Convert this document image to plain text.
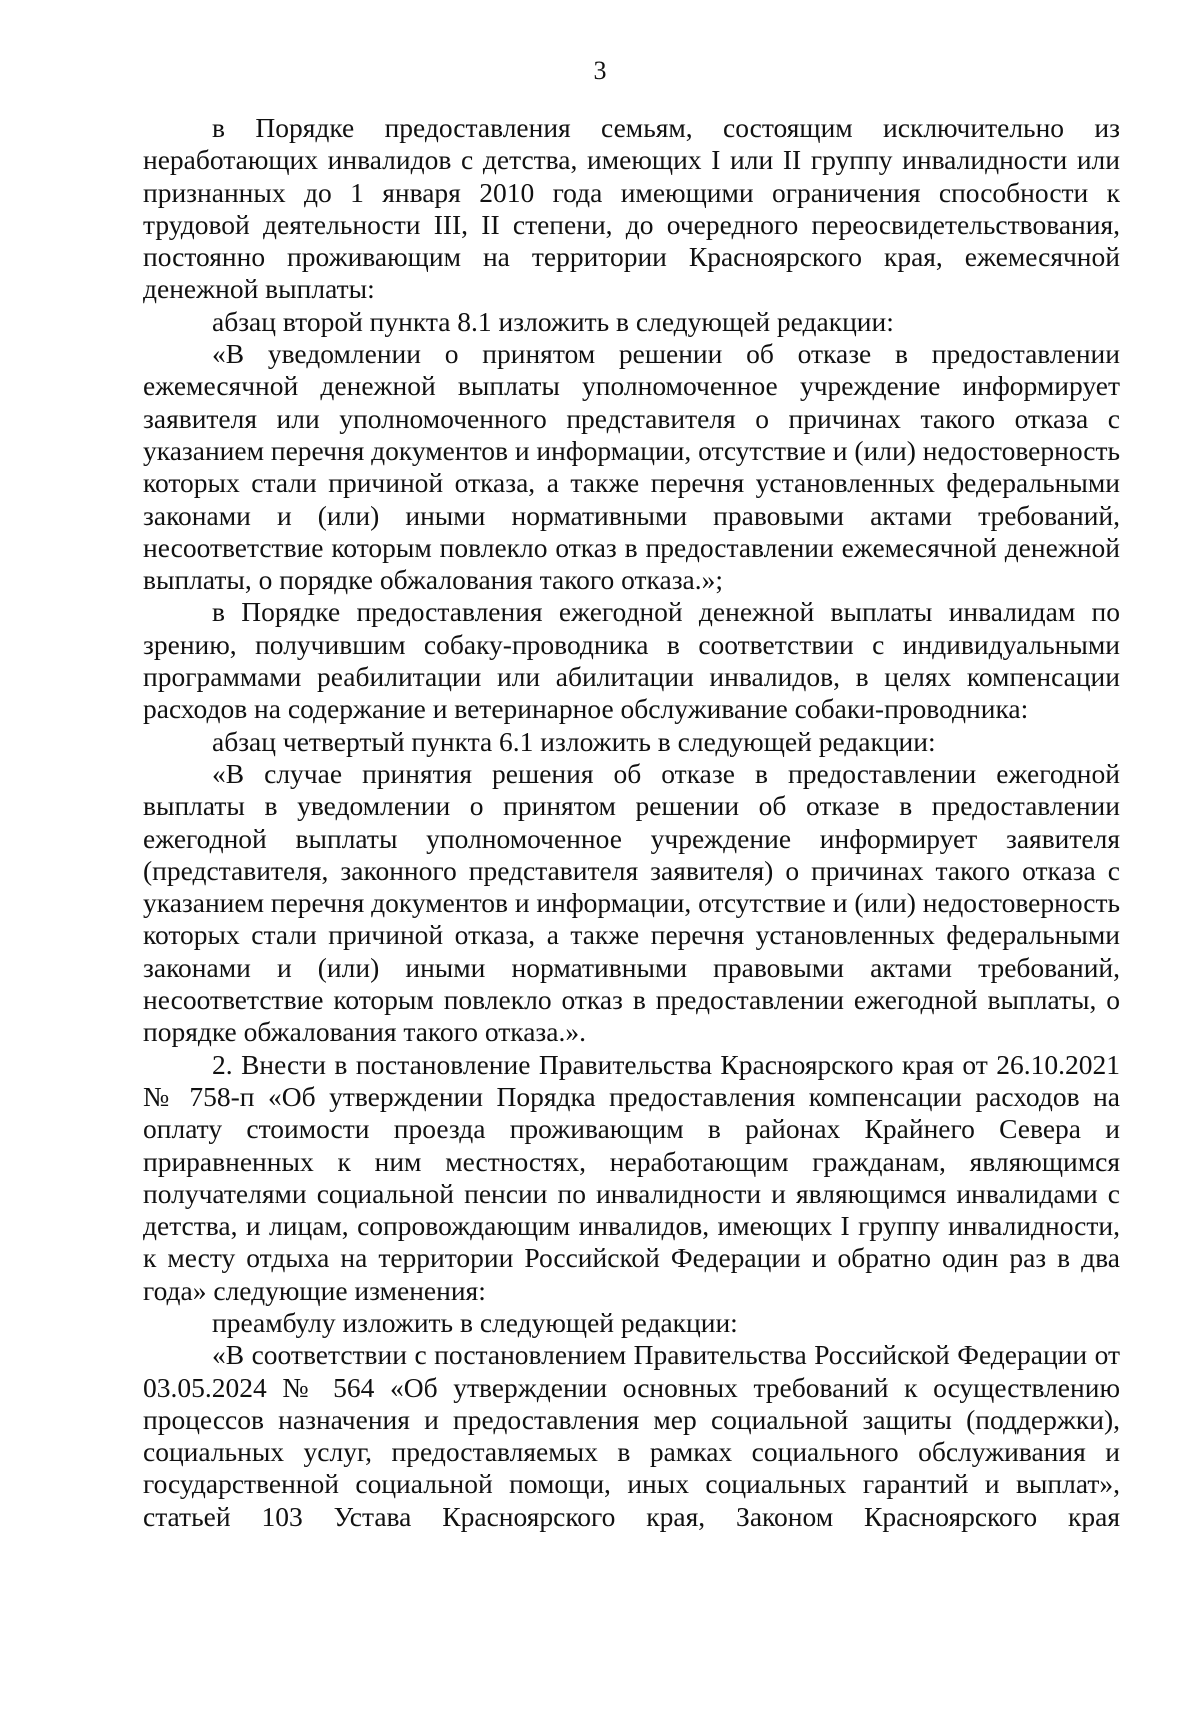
3

в Порядке предоставления семьям, состоящим исключительно из неработающих инвалидов с детства, имеющих I или II группу инвалидности или признанных до 1 января 2010 года имеющими ограничения способности к трудовой деятельности III, II степени, до очередного переосвидетельствования, постоянно проживающим на территории Красноярского края, ежемесячной денежной выплаты:

абзац второй пункта 8.1 изложить в следующей редакции:

«В уведомлении о принятом решении об отказе в предоставлении ежемесячной денежной выплаты уполномоченное учреждение информирует заявителя или уполномоченного представителя о причинах такого отказа с указанием перечня документов и информации, отсутствие и (или) недостоверность которых стали причиной отказа, а также перечня установленных федеральными законами и (или) иными нормативными правовыми актами требований, несоответствие которым повлекло отказ в предоставлении ежемесячной денежной выплаты, о порядке обжалования такого отказа.»;

в Порядке предоставления ежегодной денежной выплаты инвалидам по зрению, получившим собаку-проводника в соответствии с индивидуальными программами реабилитации или абилитации инвалидов, в целях компенсации расходов на содержание и ветеринарное обслуживание собаки-проводника:

абзац четвертый пункта 6.1 изложить в следующей редакции:

«В случае принятия решения об отказе в предоставлении ежегодной выплаты в уведомлении о принятом решении об отказе в предоставлении ежегодной выплаты уполномоченное учреждение информирует заявителя (представителя, законного представителя заявителя) о причинах такого отказа с указанием перечня документов и информации, отсутствие и (или) недостоверность которых стали причиной отказа, а также перечня установленных федеральными законами и (или) иными нормативными правовыми актами требований, несоответствие которым повлекло отказ в предоставлении ежегодной выплаты, о порядке обжалования такого отказа.».

2. Внести в постановление Правительства Красноярского края от 26.10.2021 № 758-п «Об утверждении Порядка предоставления компенсации расходов на оплату стоимости проезда проживающим в районах Крайнего Севера и приравненных к ним местностях, неработающим гражданам, являющимся получателями социальной пенсии по инвалидности и являющимся инвалидами с детства, и лицам, сопровождающим инвалидов, имеющих I группу инвалидности, к месту отдыха на территории Российской Федерации и обратно один раз в два года» следующие изменения:

преамбулу изложить в следующей редакции:

«В соответствии с постановлением Правительства Российской Федерации от 03.05.2024 № 564 «Об утверждении основных требований к осуществлению процессов назначения и предоставления мер социальной защиты (поддержки), социальных услуг, предоставляемых в рамках социального обслуживания и государственной социальной помощи, иных социальных гарантий и выплат», статьей 103 Устава Красноярского края, Законом Красноярского края
